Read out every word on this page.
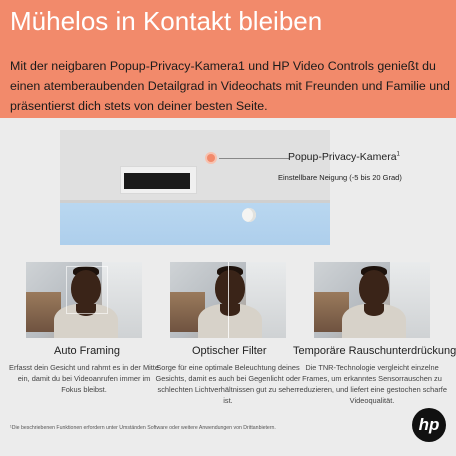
Mühelos in Kontakt bleiben
Mit der neigbaren Popup-Privacy-Kamera1 und HP Video Controls genießt du einen atemberaubenden Detailgrad in Videochats mit Freunden und Familie und präsentierst dich stets von deiner besten Seite.
Popup-Privacy-Kamera$^1$
Einstellbare Neigung (-5 bis 20 Grad)
Auto Framing
Erfasst dein Gesicht und rahmt es in der Mitte ein, damit du bei Videoanrufen immer im Fokus bleibst.
Optischer Filter
Sorge für eine optimale Beleuchtung deines Gesichts, damit es auch bei Gegenlicht oder schlechten Lichtverhältnissen gut zu sehen ist.
Temporäre Rauschunterdrückung
Die TNR-Technologie vergleicht einzelne Frames, um erkanntes Sensorrauschen zu reduzieren, und liefert eine gestochen scharfe Videoqualität.
¹Die beschriebenen Funktionen erfordern unter Umständen Software oder weitere Anwendungen von Drittanbietern.	hp
